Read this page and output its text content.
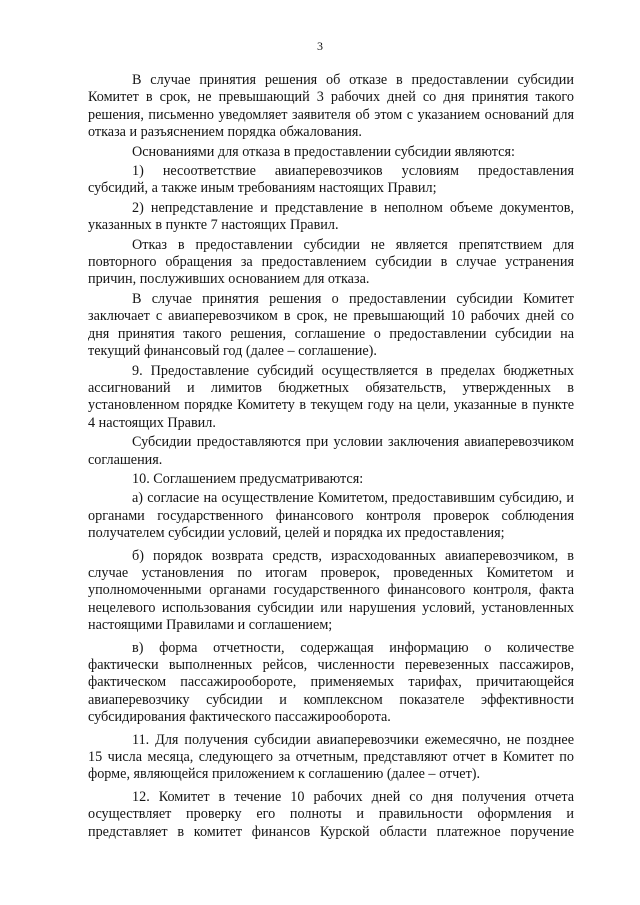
3

В случае принятия решения об отказе в предоставлении субсидии Комитет в срок, не превышающий 3 рабочих дней со дня принятия такого решения, письменно уведомляет заявителя об этом с указанием оснований для отказа и разъяснением порядка обжалования.

Основаниями для отказа в предоставлении субсидии являются:

1) несоответствие авиаперевозчиков условиям предоставления субсидий, а также иным требованиям настоящих Правил;

2) непредставление и представление в неполном объеме документов, указанных в пункте 7 настоящих Правил.

Отказ в предоставлении субсидии не является препятствием для повторного обращения за предоставлением субсидии в случае устранения причин, послуживших основанием для отказа.

В случае принятия решения о предоставлении субсидии Комитет заключает с авиаперевозчиком в срок, не превышающий 10 рабочих дней со дня принятия такого решения, соглашение о предоставлении субсидии на текущий финансовый год (далее – соглашение).

9. Предоставление субсидий осуществляется в пределах бюджетных ассигнований и лимитов бюджетных обязательств, утвержденных в установленном порядке Комитету в текущем году на цели, указанные в пункте 4 настоящих Правил.

Субсидии предоставляются при условии заключения авиаперевозчиком соглашения.

10. Соглашением предусматриваются:

а) согласие на осуществление Комитетом, предоставившим субсидию, и органами государственного финансового контроля проверок соблюдения получателем субсидии условий, целей и порядка их предоставления;

б) порядок возврата средств, израсходованных авиаперевозчиком, в случае установления по итогам проверок, проведенных Комитетом и уполномоченными органами государственного финансового контроля, факта нецелевого использования субсидии или нарушения условий, установленных настоящими Правилами и соглашением;

в) форма отчетности, содержащая информацию о количестве фактически выполненных рейсов, численности перевезенных пассажиров, фактическом пассажирообороте, применяемых тарифах, причитающейся авиаперевозчику субсидии и комплексном показателе эффективности субсидирования фактического пассажирооборота.

11. Для получения субсидии авиаперевозчики ежемесячно, не позднее 15 числа месяца, следующего за отчетным, представляют отчет в Комитет по форме, являющейся приложением к соглашению (далее – отчет).

12. Комитет в течение 10 рабочих дней со дня получения отчета осуществляет проверку его полноты и правильности оформления и представляет в комитет финансов Курской области платежное поручение
